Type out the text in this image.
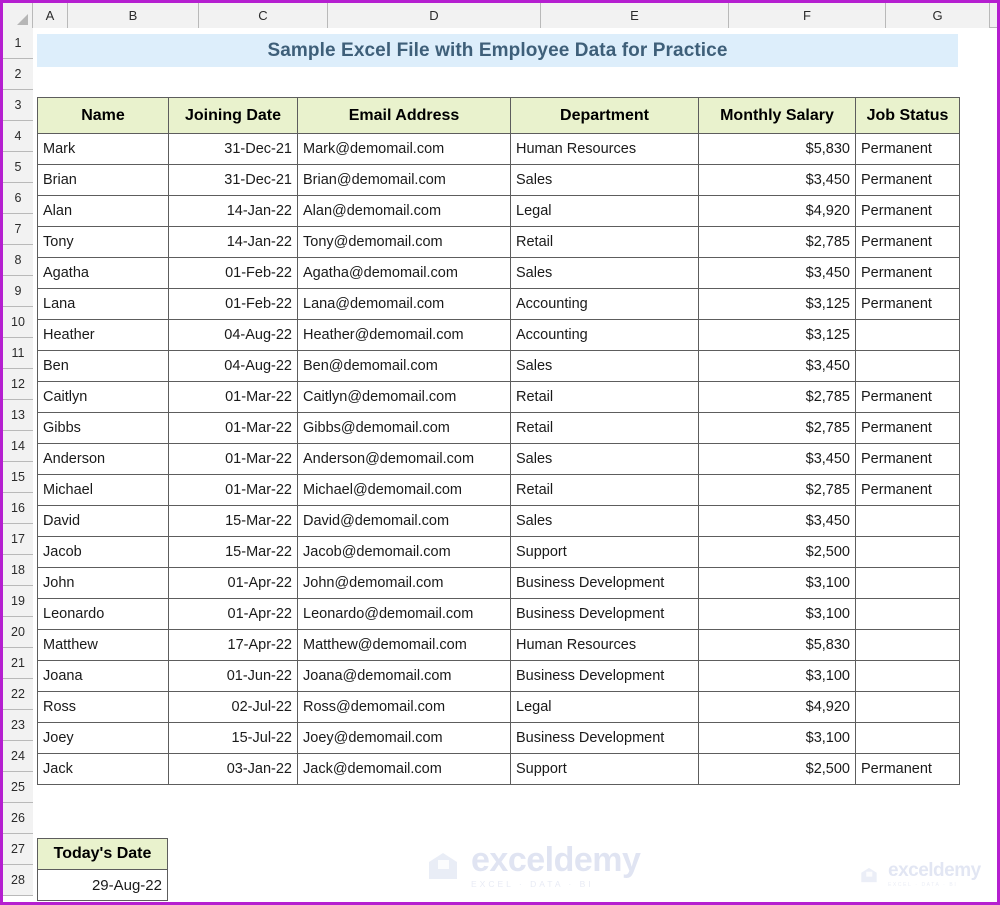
A	B	C	D	E	F	G
1
2
3
4
5
6
7
8
9
10
11
12
13
14
15
16
17
18
19
20
21
22
23
24
25
26
27
28
Sample Excel File with Employee Data for Practice
Name	Joining Date	Email Address	Department	Monthly Salary	Job Status
Mark	31-Dec-21	Mark@demomail.com	Human Resources	$5,830	Permanent
Brian	31-Dec-21	Brian@demomail.com	Sales	$3,450	Permanent
Alan	14-Jan-22	Alan@demomail.com	Legal	$4,920	Permanent
Tony	14-Jan-22	Tony@demomail.com	Retail	$2,785	Permanent
Agatha	01-Feb-22	Agatha@demomail.com	Sales	$3,450	Permanent
Lana	01-Feb-22	Lana@demomail.com	Accounting	$3,125	Permanent
Heather	04-Aug-22	Heather@demomail.com	Accounting	$3,125	
Ben	04-Aug-22	Ben@demomail.com	Sales	$3,450	
Caitlyn	01-Mar-22	Caitlyn@demomail.com	Retail	$2,785	Permanent
Gibbs	01-Mar-22	Gibbs@demomail.com	Retail	$2,785	Permanent
Anderson	01-Mar-22	Anderson@demomail.com	Sales	$3,450	Permanent
Michael	01-Mar-22	Michael@demomail.com	Retail	$2,785	Permanent
David	15-Mar-22	David@demomail.com	Sales	$3,450	
Jacob	15-Mar-22	Jacob@demomail.com	Support	$2,500	
John	01-Apr-22	John@demomail.com	Business Development	$3,100	
Leonardo	01-Apr-22	Leonardo@demomail.com	Business Development	$3,100	
Matthew	17-Apr-22	Matthew@demomail.com	Human Resources	$5,830	
Joana	01-Jun-22	Joana@demomail.com	Business Development	$3,100	
Ross	02-Jul-22	Ross@demomail.com	Legal	$4,920	
Joey	15-Jul-22	Joey@demomail.com	Business Development	$3,100	
Jack	03-Jan-22	Jack@demomail.com	Support	$2,500	Permanent
Today's Date
29-Aug-22
exceldemy
EXCEL · DATA · BI
exceldemy
EXCEL · DATA · BI
